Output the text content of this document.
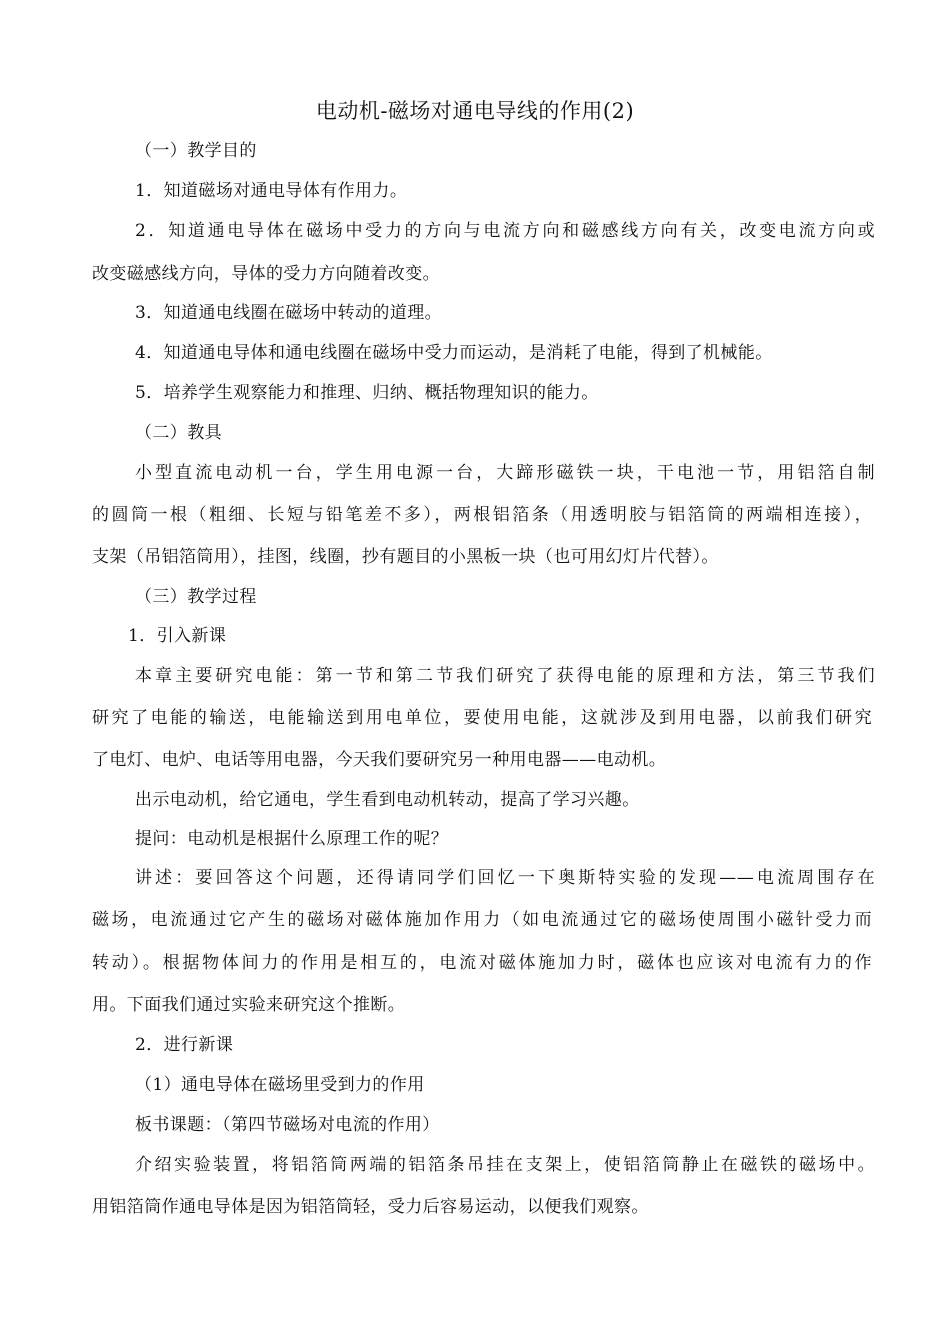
电动机-磁场对通电导线的作用(2)
（一）教学目的
1．知道磁场对通电导体有作用力。
2．知道通电导体在磁场中受力的方向与电流方向和磁感线方向有关，改变电流方向或
改变磁感线方向，导体的受力方向随着改变。
3．知道通电线圈在磁场中转动的道理。
4．知道通电导体和通电线圈在磁场中受力而运动，是消耗了电能，得到了机械能。
5．培养学生观察能力和推理、归纳、概括物理知识的能力。
（二）教具
小型直流电动机一台，学生用电源一台，大蹄形磁铁一块，干电池一节，用铝箔自制
的圆筒一根（粗细、长短与铅笔差不多），两根铝箔条（用透明胶与铝箔筒的两端相连接），
支架（吊铝箔筒用），挂图，线圈，抄有题目的小黑板一块（也可用幻灯片代替）。
（三）教学过程
1．引入新课
本章主要研究电能：第一节和第二节我们研究了获得电能的原理和方法，第三节我们
研究了电能的输送，电能输送到用电单位，要使用电能，这就涉及到用电器，以前我们研究
了电灯、电炉、电话等用电器，今天我们要研究另一种用电器——电动机。
出示电动机，给它通电，学生看到电动机转动，提高了学习兴趣。
提问：电动机是根据什么原理工作的呢？
讲述：要回答这个问题，还得请同学们回忆一下奥斯特实验的发现——电流周围存在
磁场，电流通过它产生的磁场对磁体施加作用力（如电流通过它的磁场使周围小磁针受力而
转动）。根据物体间力的作用是相互的，电流对磁体施加力时，磁体也应该对电流有力的作
用。下面我们通过实验来研究这个推断。
2．进行新课
（1）通电导体在磁场里受到力的作用
板书课题：（第四节磁场对电流的作用）
介绍实验装置，将铝箔筒两端的铝箔条吊挂在支架上，使铝箔筒静止在磁铁的磁场中。
用铝箔筒作通电导体是因为铝箔筒轻，受力后容易运动，以便我们观察。
